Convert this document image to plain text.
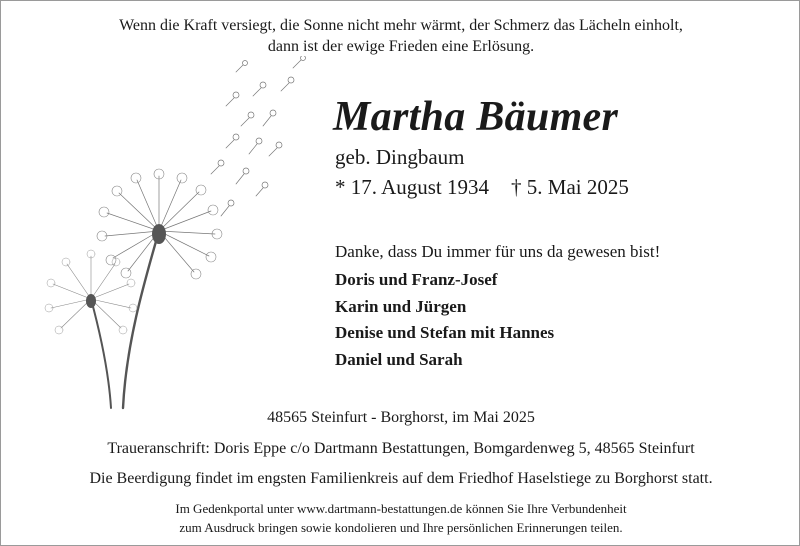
Wenn die Kraft versiegt, die Sonne nicht mehr wärmt, der Schmerz das Lächeln einholt,
dann ist der ewige Frieden eine Erlösung.
Martha Bäumer
geb. Dingbaum
* 17. August 1934 † 5. Mai 2025
Danke, dass Du immer für uns da gewesen bist!
Doris und Franz-Josef
Karin und Jürgen
Denise und Stefan mit Hannes
Daniel und Sarah
48565 Steinfurt - Borghorst, im Mai 2025
Traueranschrift: Doris Eppe c/o Dartmann Bestattungen, Bomgardenweg 5, 48565 Steinfurt
Die Beerdigung findet im engsten Familienkreis auf dem Friedhof Haselstiege zu Borghorst statt.
Im Gedenkportal unter www.dartmann-bestattungen.de können Sie Ihre Verbundenheit
zum Ausdruck bringen sowie kondolieren und Ihre persönlichen Erinnerungen teilen.
